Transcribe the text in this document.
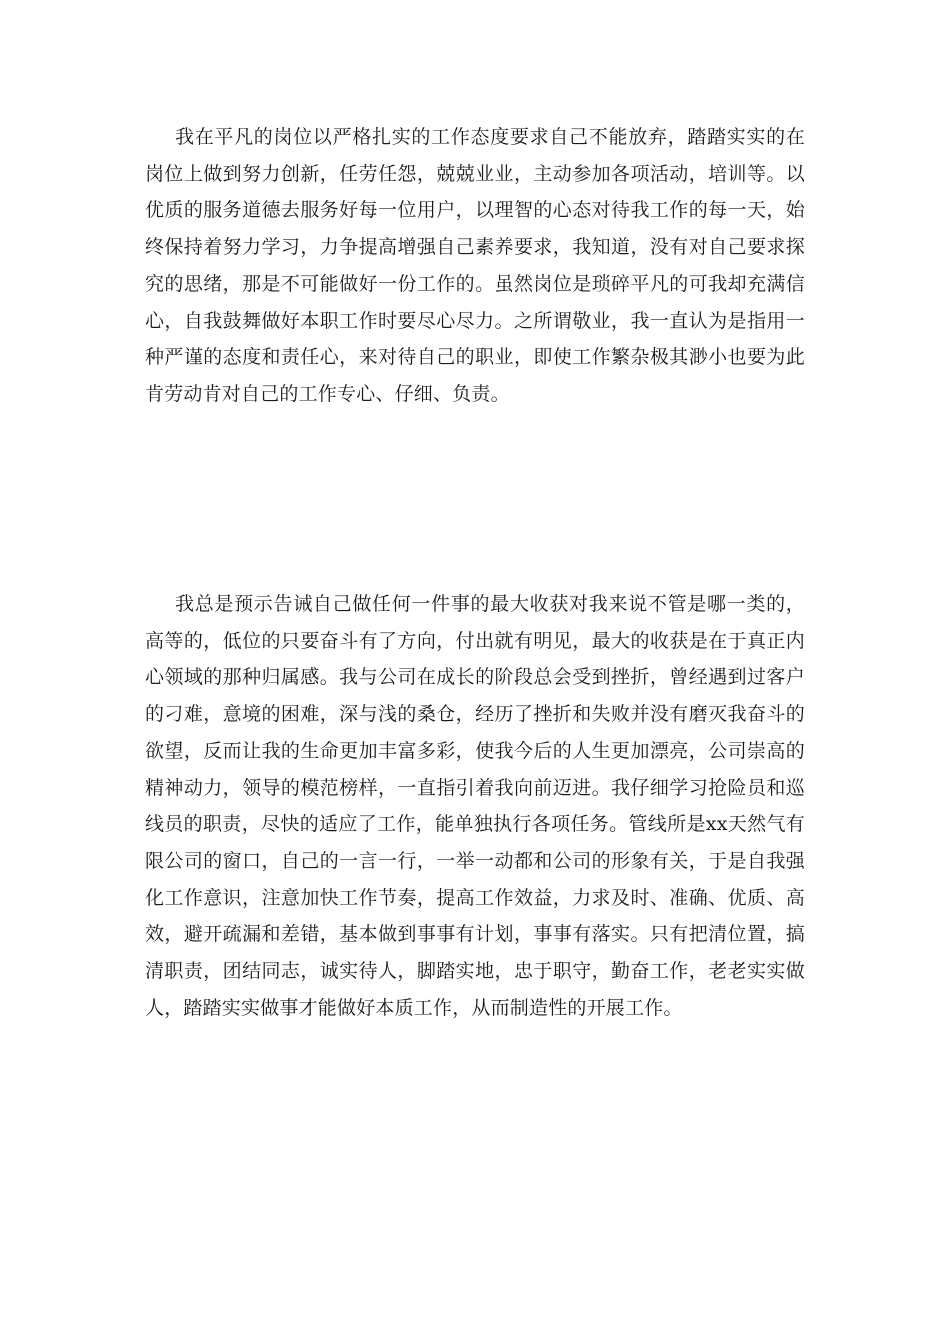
我在平凡的岗位以严格扎实的工作态度要求自己不能放弃，踏踏实实的在岗位上做到努力创新，任劳任怨，兢兢业业，主动参加各项活动，培训等。以优质的服务道德去服务好每一位用户，以理智的心态对待我工作的每一天，始终保持着努力学习，力争提高增强自己素养要求，我知道，没有对自己要求探究的思绪，那是不可能做好一份工作的。虽然岗位是琐碎平凡的可我却充满信心，自我鼓舞做好本职工作时要尽心尽力。之所谓敬业，我一直认为是指用一种严谨的态度和责任心，来对待自己的职业，即使工作繁杂极其渺小也要为此肯劳动肯对自己的工作专心、仔细、负责。

我总是预示告诫自己做任何一件事的最大收获对我来说不管是哪一类的，高等的，低位的只要奋斗有了方向，付出就有明见，最大的收获是在于真正内心领域的那种归属感。我与公司在成长的阶段总会受到挫折，曾经遇到过客户的刁难，意境的困难，深与浅的桑仓，经历了挫折和失败并没有磨灭我奋斗的欲望，反而让我的生命更加丰富多彩，使我今后的人生更加漂亮，公司崇高的精神动力，领导的模范榜样，一直指引着我向前迈进。我仔细学习抢险员和巡线员的职责，尽快的适应了工作，能单独执行各项任务。管线所是xx天然气有限公司的窗口，自己的一言一行，一举一动都和公司的形象有关，于是自我强化工作意识，注意加快工作节奏，提高工作效益，力求及时、准确、优质、高效，避开疏漏和差错，基本做到事事有计划，事事有落实。只有把清位置，搞清职责，团结同志，诚实待人，脚踏实地，忠于职守，勤奋工作，老老实实做人，踏踏实实做事才能做好本质工作，从而制造性的开展工作。
